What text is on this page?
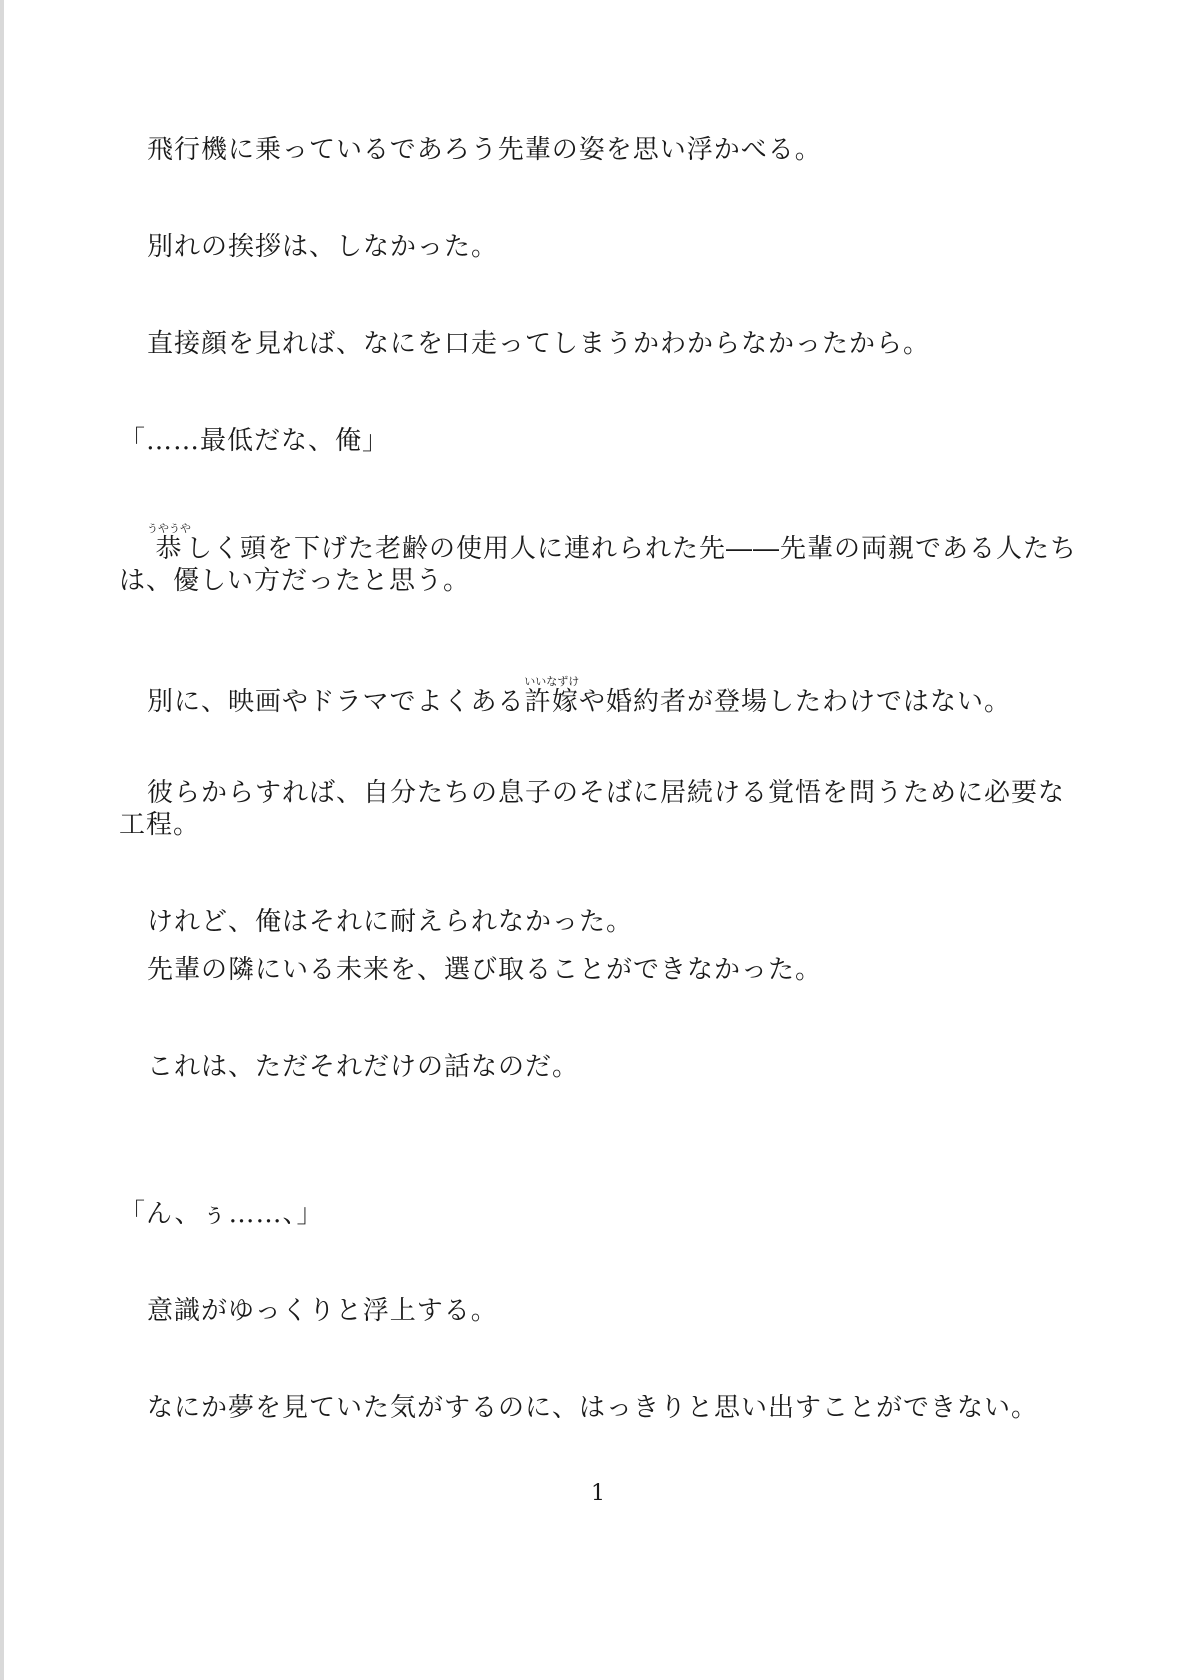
飛行機に乗っているであろう先輩の姿を思い浮かべる。

別れの挨拶は、しなかった。

直接顔を見れば、なにを口走ってしまうかわからなかったから。

「……最低だな、俺」

恭うやうやしく頭を下げた老齢の使用人に連れられた先――先輩の両親である人たちは、優しい方だったと思う。

別に、映画やドラマでよくある許嫁いいなずけや婚約者が登場したわけではない。

彼らからすれば、自分たちの息子のそばに居続ける覚悟を問うために必要な工程。

けれど、俺はそれに耐えられなかった。

先輩の隣にいる未来を、選び取ることができなかった。

これは、ただそれだけの話なのだ。

「ん、ぅ……、」

意識がゆっくりと浮上する。

なにか夢を見ていた気がするのに、はっきりと思い出すことができない。

1
